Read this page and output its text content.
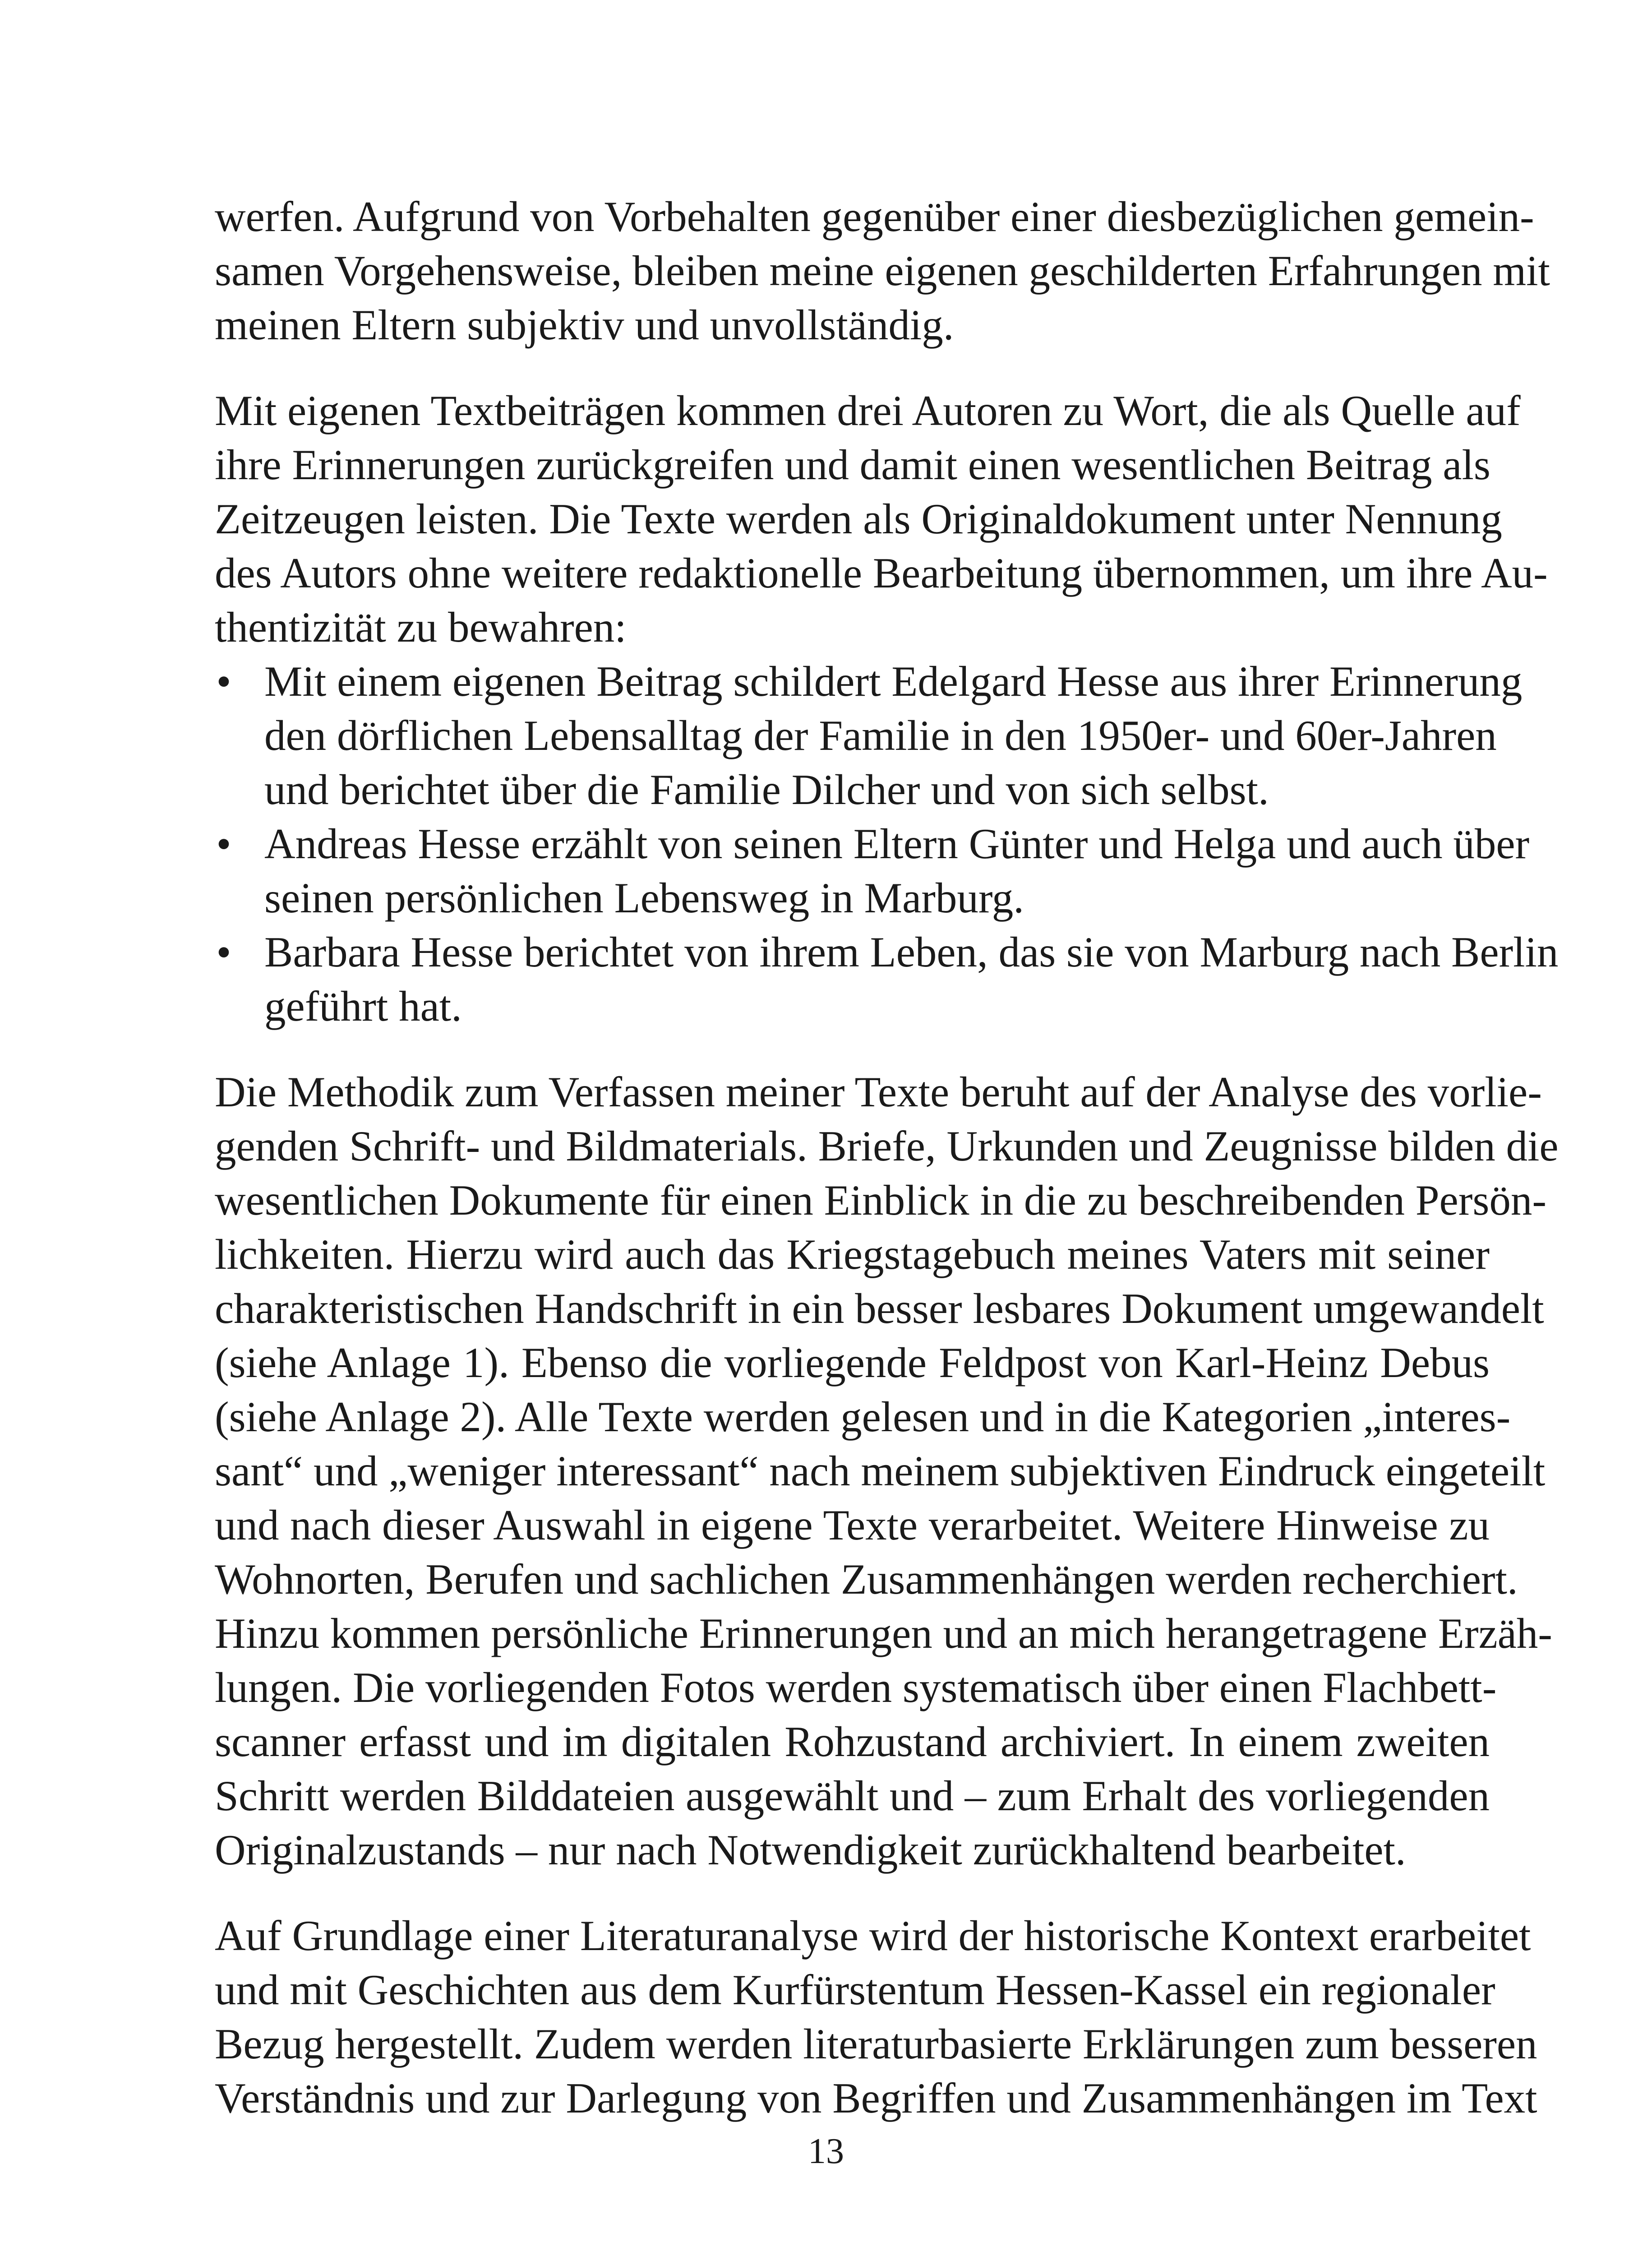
werfen. Aufgrund von Vorbehalten gegenüber einer diesbezüglichen gemein-
samen Vorgehensweise, bleiben meine eigenen geschilderten Erfahrungen mit
meinen Eltern subjektiv und unvollständig.

Mit eigenen Textbeiträgen kommen drei Autoren zu Wort, die als Quelle auf
ihre Erinnerungen zurückgreifen und damit einen wesentlichen Beitrag als
Zeitzeugen leisten. Die Texte werden als Originaldokument unter Nennung
des Autors ohne weitere redaktionelle Bearbeitung übernommen, um ihre Au-
thentizität zu bewahren:

• Mit einem eigenen Beitrag schildert Edelgard Hesse aus ihrer Erinnerung
den dörflichen Lebensalltag der Familie in den 1950er- und 60er-Jahren
und berichtet über die Familie Dilcher und von sich selbst.
• Andreas Hesse erzählt von seinen Eltern Günter und Helga und auch über
seinen persönlichen Lebensweg in Marburg.
• Barbara Hesse berichtet von ihrem Leben, das sie von Marburg nach Berlin
geführt hat.

Die Methodik zum Verfassen meiner Texte beruht auf der Analyse des vorlie-
genden Schrift- und Bildmaterials. Briefe, Urkunden und Zeugnisse bilden die
wesentlichen Dokumente für einen Einblick in die zu beschreibenden Persön-
lichkeiten. Hierzu wird auch das Kriegstagebuch meines Vaters mit seiner
charakteristischen Handschrift in ein besser lesbares Dokument umgewandelt
(siehe Anlage 1). Ebenso die vorliegende Feldpost von Karl-Heinz Debus
(siehe Anlage 2). Alle Texte werden gelesen und in die Kategorien „interes-
sant“ und „weniger interessant“ nach meinem subjektiven Eindruck eingeteilt
und nach dieser Auswahl in eigene Texte verarbeitet. Weitere Hinweise zu
Wohnorten, Berufen und sachlichen Zusammenhängen werden recherchiert.
Hinzu kommen persönliche Erinnerungen und an mich herangetragene Erzäh-
lungen. Die vorliegenden Fotos werden systematisch über einen Flachbett-
scanner erfasst und im digitalen Rohzustand archiviert. In einem zweiten
Schritt werden Bilddateien ausgewählt und – zum Erhalt des vorliegenden
Originalzustands – nur nach Notwendigkeit zurückhaltend bearbeitet.

Auf Grundlage einer Literaturanalyse wird der historische Kontext erarbeitet
und mit Geschichten aus dem Kurfürstentum Hessen-Kassel ein regionaler
Bezug hergestellt. Zudem werden literaturbasierte Erklärungen zum besseren
Verständnis und zur Darlegung von Begriffen und Zusammenhängen im Text

13
